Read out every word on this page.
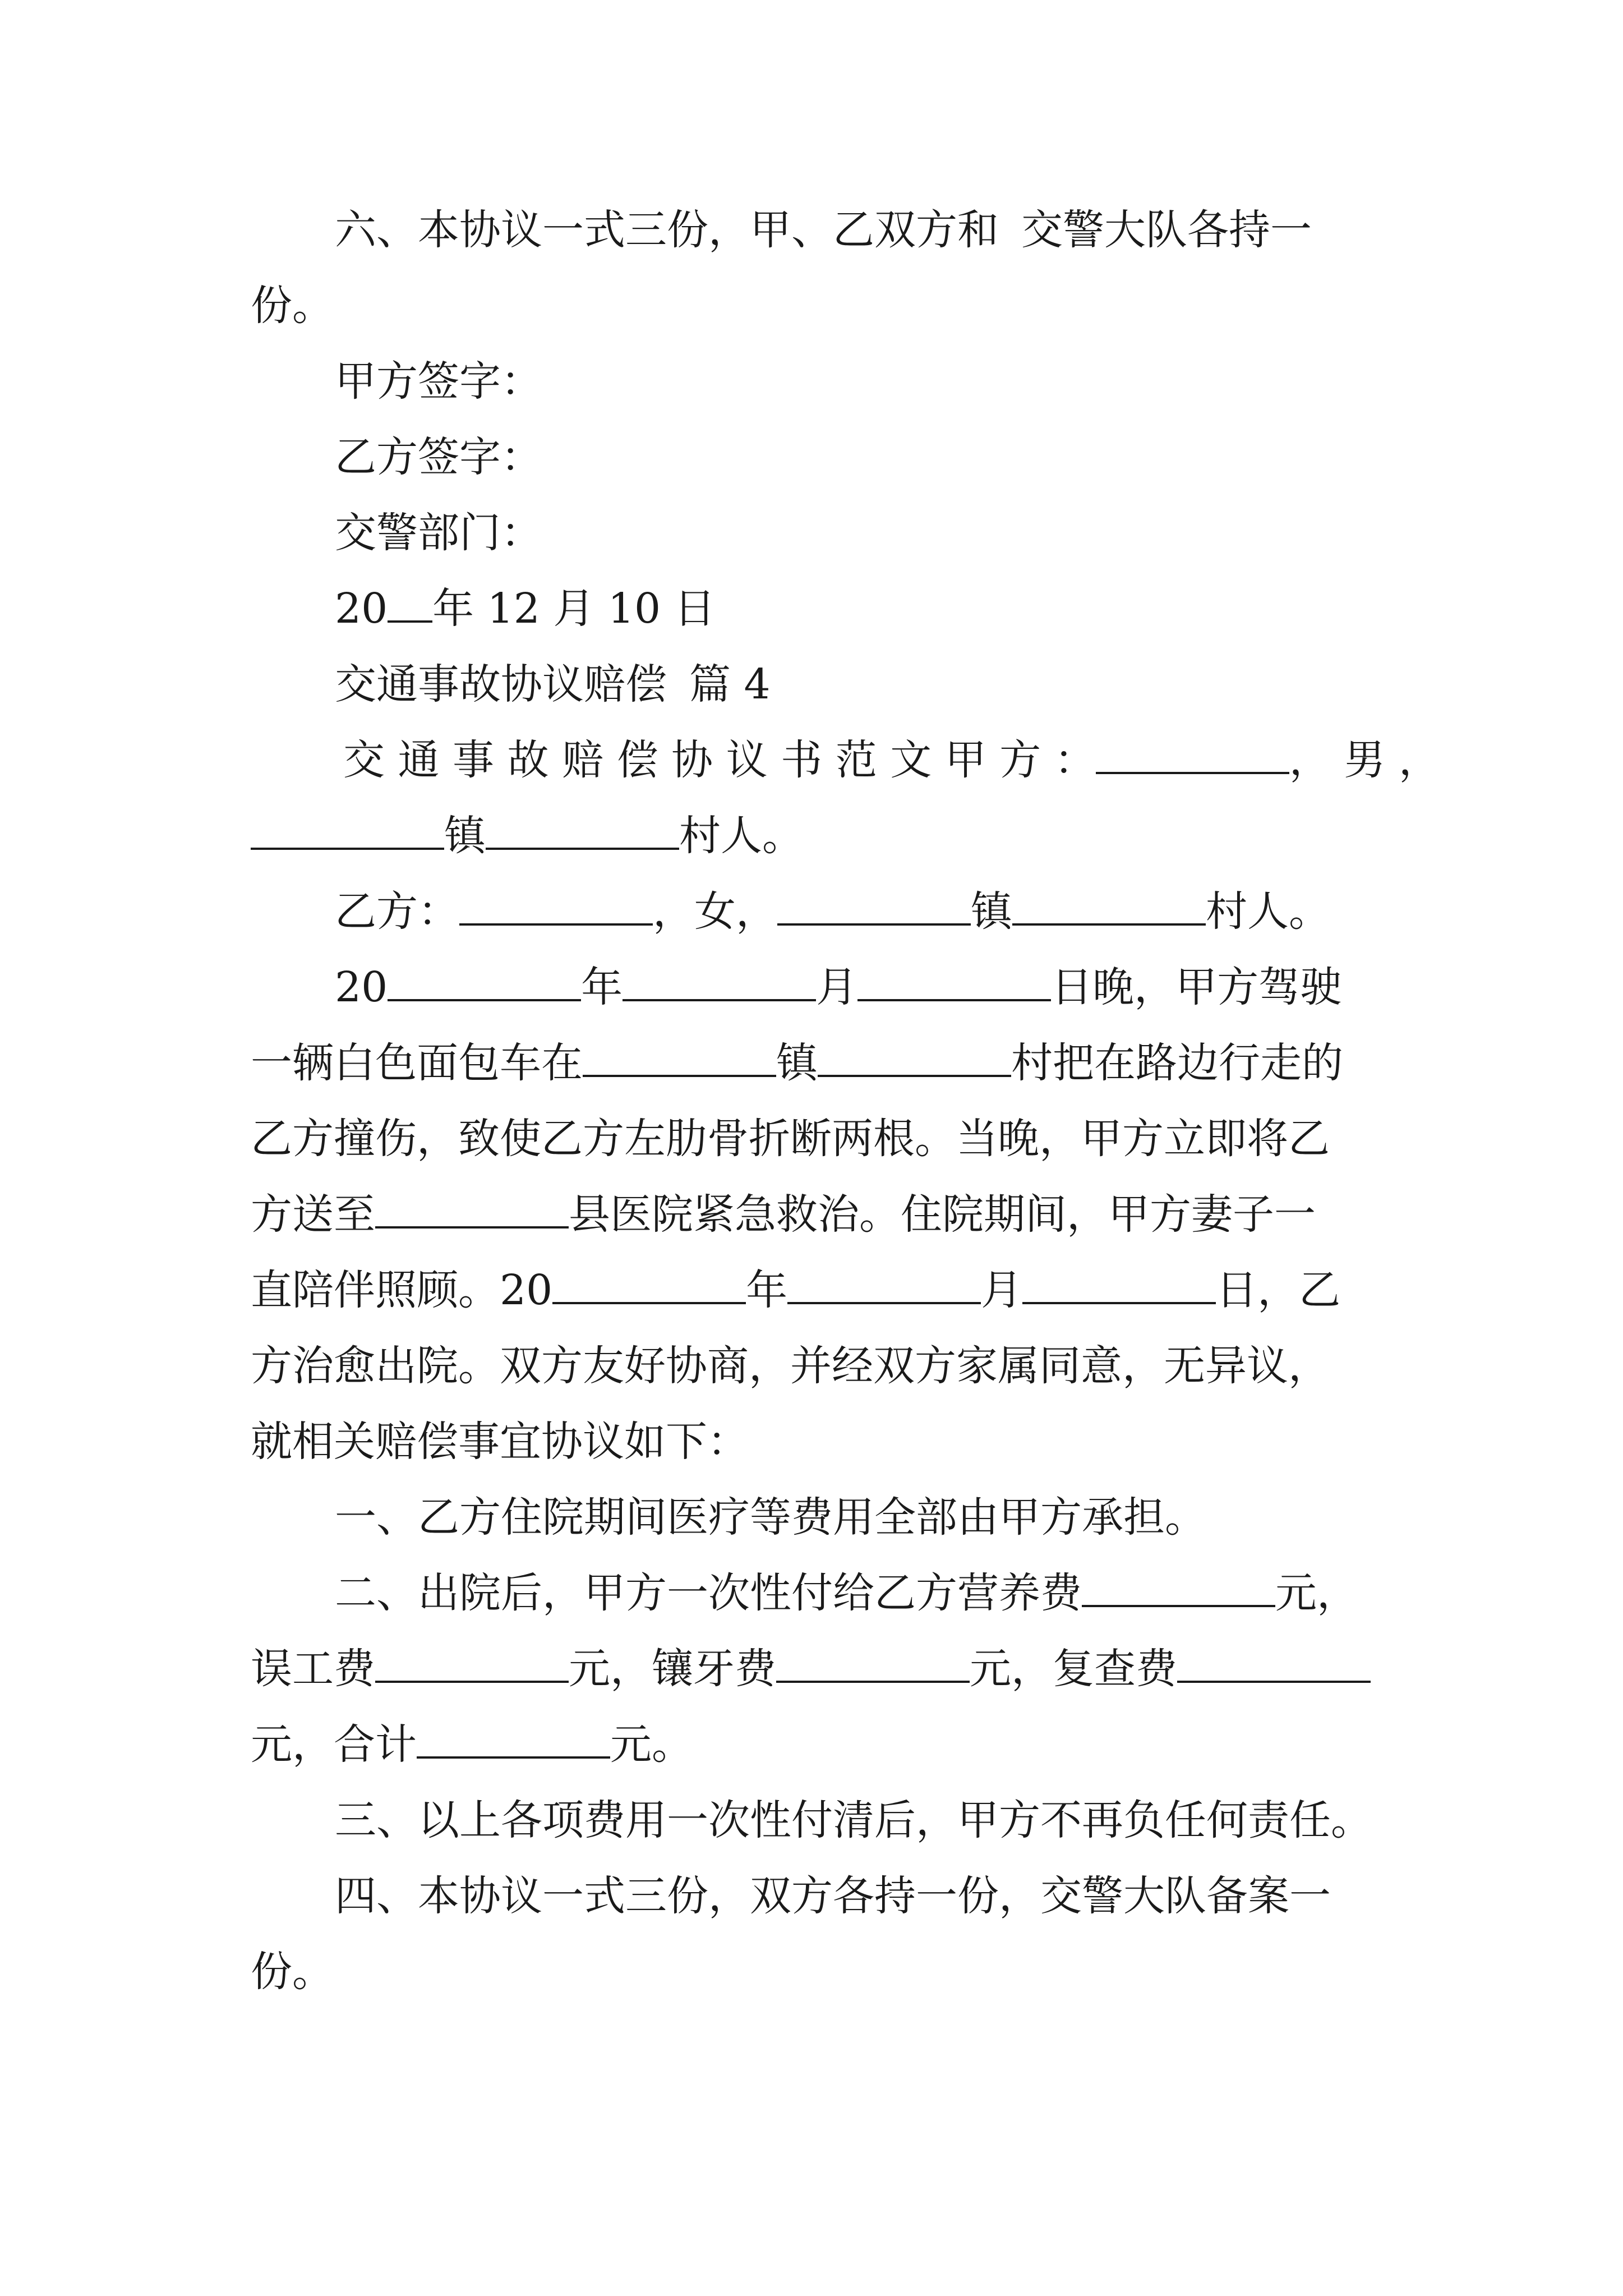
六、本协议一式三份，甲、乙双方和 交警大队各持一
份。
甲方签字：
乙方签字：
交警部门：
20 年 12 月 10 日
交通事故协议赔偿 篇 4
交 通 事 故 赔 偿 协 议 书 范 文 甲 方 ：	， 男 ，
镇	村人。
乙方：	，女，	镇	村人。
20	年	月	日晚，甲方驾驶
一辆白色面包车在	镇	村把在路边行走的
乙方撞伤，致使乙方左肋骨折断两根。当晚，甲方立即将乙
方送至	县医院紧急救治。住院期间，甲方妻子一
直陪伴照顾。20	年	月	日，乙
方治愈出院。双方友好协商，并经双方家属同意，无异议，
就相关赔偿事宜协议如下：
一、乙方住院期间医疗等费用全部由甲方承担。
二、出院后，甲方一次性付给乙方营养费	元，
误工费	元，镶牙费	元，复查费
元，合计	元。
三、以上各项费用一次性付清后，甲方不再负任何责任。
四、本协议一式三份，双方各持一份，交警大队备案一
份。
